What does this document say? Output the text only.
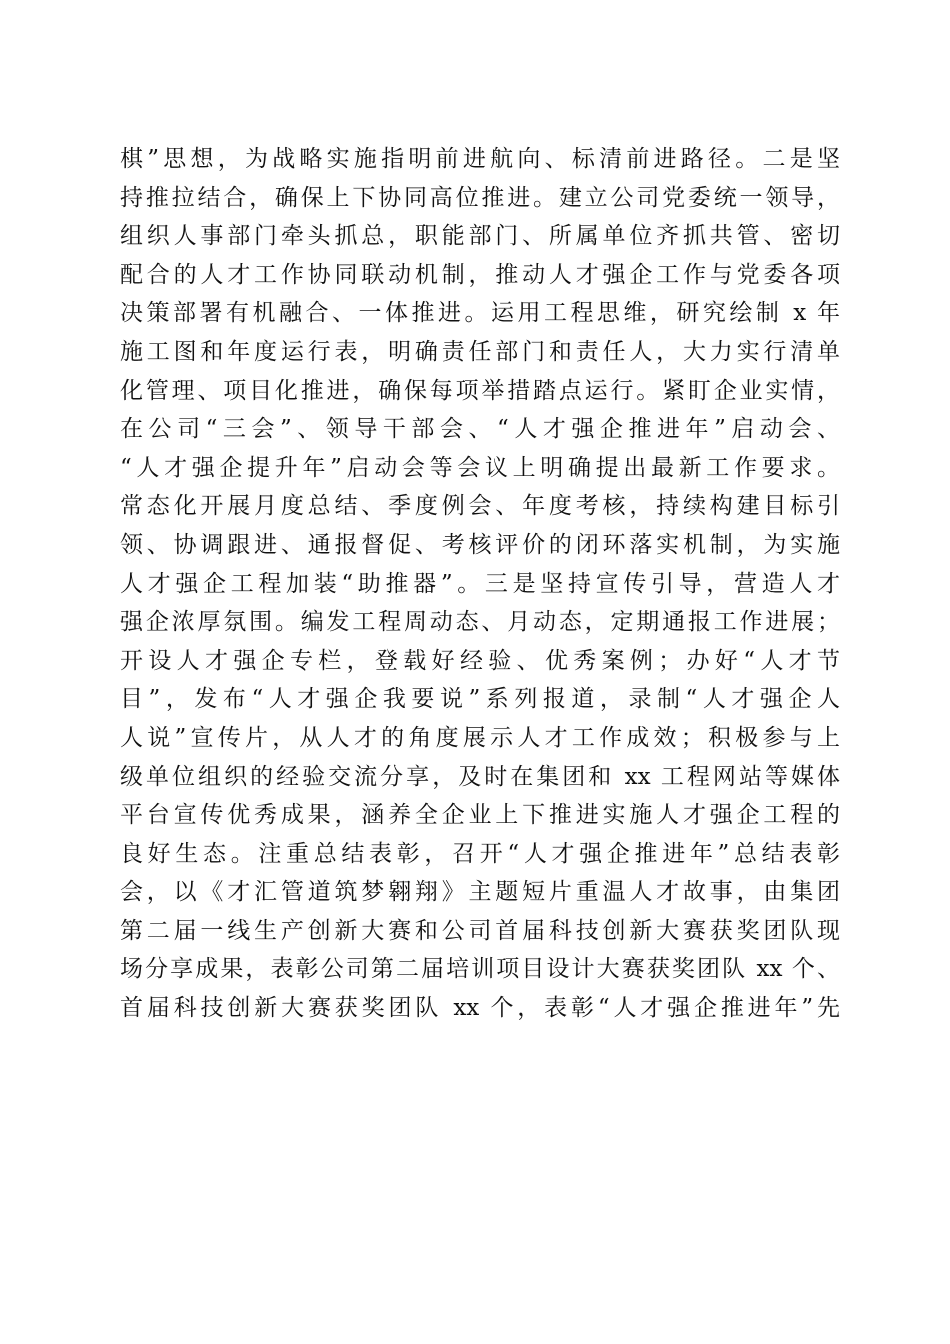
棋”思想，为战略实施指明前进航向、标清前进路径。二是坚
持推拉结合，确保上下协同高位推进。建立公司党委统一领导，
组织人事部门牵头抓总，职能部门、所属单位齐抓共管、密切
配合的人才工作协同联动机制，推动人才强企工作与党委各项
决策部署有机融合、一体推进。运用工程思维，研究绘制 x 年
施工图和年度运行表，明确责任部门和责任人，大力实行清单
化管理、项目化推进，确保每项举措踏点运行。紧盯企业实情，
在公司“三会”、领导干部会、“人才强企推进年”启动会、
“人才强企提升年”启动会等会议上明确提出最新工作要求。
常态化开展月度总结、季度例会、年度考核，持续构建目标引
领、协调跟进、通报督促、考核评价的闭环落实机制，为实施
人才强企工程加装“助推器”。三是坚持宣传引导，营造人才
强企浓厚氛围。编发工程周动态、月动态，定期通报工作进展；
开设人才强企专栏，登载好经验、优秀案例；办好“人才节
目”，发布“人才强企我要说”系列报道，录制“人才强企人
人说”宣传片，从人才的角度展示人才工作成效；积极参与上
级单位组织的经验交流分享，及时在集团和 xx 工程网站等媒体
平台宣传优秀成果，涵养全企业上下推进实施人才强企工程的
良好生态。注重总结表彰，召开“人才强企推进年”总结表彰
会，以《才汇管道筑梦翱翔》主题短片重温人才故事，由集团
第二届一线生产创新大赛和公司首届科技创新大赛获奖团队现
场分享成果，表彰公司第二届培训项目设计大赛获奖团队 xx 个、
首届科技创新大赛获奖团队 xx 个，表彰“人才强企推进年”先
